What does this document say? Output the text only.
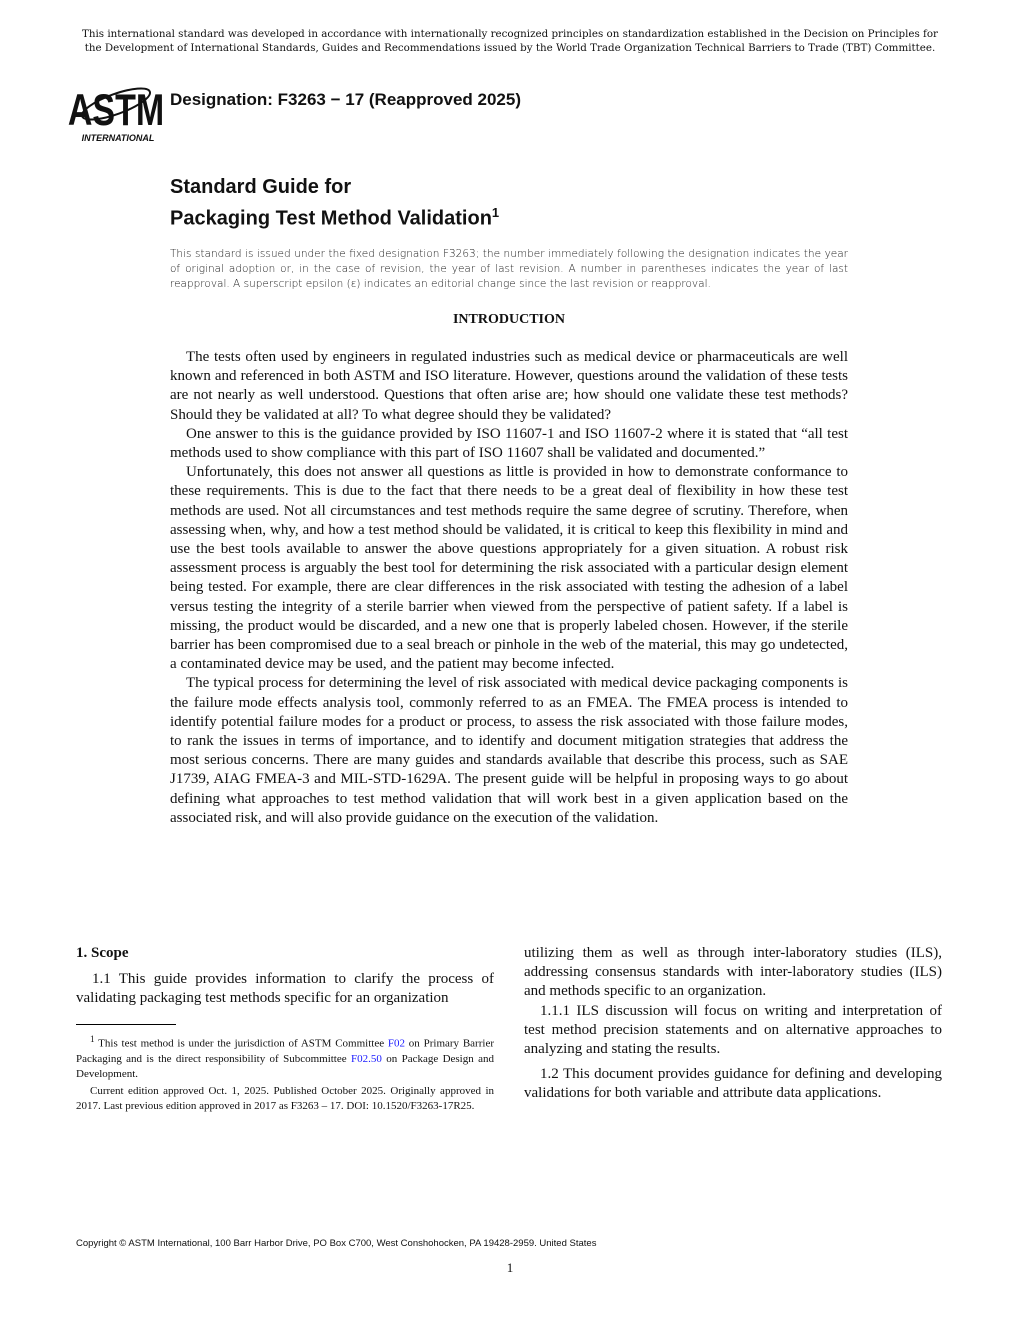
This international standard was developed in accordance with internationally recognized principles on standardization established in the Decision on Principles for the Development of International Standards, Guides and Recommendations issued by the World Trade Organization Technical Barriers to Trade (TBT) Committee.
ASTM
INTERNATIONAL
Designation: F3263 − 17 (Reapproved 2025)
Standard Guide for
Packaging Test Method Validation$^1$
This standard is issued under the fixed designation F3263; the number immediately following the designation indicates the year of original adoption or, in the case of revision, the year of last revision. A number in parentheses indicates the year of last reapproval. A superscript epsilon (ε) indicates an editorial change since the last revision or reapproval.
INTRODUCTION

The tests often used by engineers in regulated industries such as medical device or pharmaceuticals are well known and referenced in both ASTM and ISO literature. However, questions around the validation of these tests are not nearly as well understood. Questions that often arise are; how should one validate these test methods? Should they be validated at all? To what degree should they be validated?

One answer to this is the guidance provided by ISO 11607-1 and ISO 11607-2 where it is stated that “all test methods used to show compliance with this part of ISO 11607 shall be validated and documented.”

Unfortunately, this does not answer all questions as little is provided in how to demonstrate conformance to these requirements. This is due to the fact that there needs to be a great deal of flexibility in how these test methods are used. Not all circumstances and test methods require the same degree of scrutiny. Therefore, when assessing when, why, and how a test method should be validated, it is critical to keep this flexibility in mind and use the best tools available to answer the above questions appropriately for a given situation. A robust risk assessment process is arguably the best tool for determining the risk associated with a particular design element being tested. For example, there are clear differences in the risk associated with testing the adhesion of a label versus testing the integrity of a sterile barrier when viewed from the perspective of patient safety. If a label is missing, the product would be discarded, and a new one that is properly labeled chosen. However, if the sterile barrier has been compromised due to a seal breach or pinhole in the web of the material, this may go undetected, a contaminated device may be used, and the patient may become infected.

The typical process for determining the level of risk associated with medical device packaging components is the failure mode effects analysis tool, commonly referred to as an FMEA. The FMEA process is intended to identify potential failure modes for a product or process, to assess the risk associated with those failure modes, to rank the issues in terms of importance, and to identify and document mitigation strategies that address the most serious concerns. There are many guides and standards available that describe this process, such as SAE J1739, AIAG FMEA-3 and MIL-STD-1629A. The present guide will be helpful in proposing ways to go about defining what approaches to test method validation that will work best in a given application based on the associated risk, and will also provide guidance on the execution of the validation.

1. Scope

1.1 This guide provides information to clarify the process of validating packaging test methods specific for an organization

utilizing them as well as through inter-laboratory studies (ILS), addressing consensus standards with inter-laboratory studies (ILS) and methods specific to an organization.

1.1.1 ILS discussion will focus on writing and interpretation of test method precision statements and on alternative approaches to analyzing and stating the results.

1.2 This document provides guidance for defining and developing validations for both variable and attribute data applications.

$^1$ This test method is under the jurisdiction of ASTM Committee F02 on Primary Barrier Packaging and is the direct responsibility of Subcommittee F02.50 on Package Design and Development.

Current edition approved Oct. 1, 2025. Published October 2025. Originally approved in 2017. Last previous edition approved in 2017 as F3263 – 17. DOI: 10.1520/F3263-17R25.

Copyright © ASTM International, 100 Barr Harbor Drive, PO Box C700, West Conshohocken, PA 19428-2959. United States
1
